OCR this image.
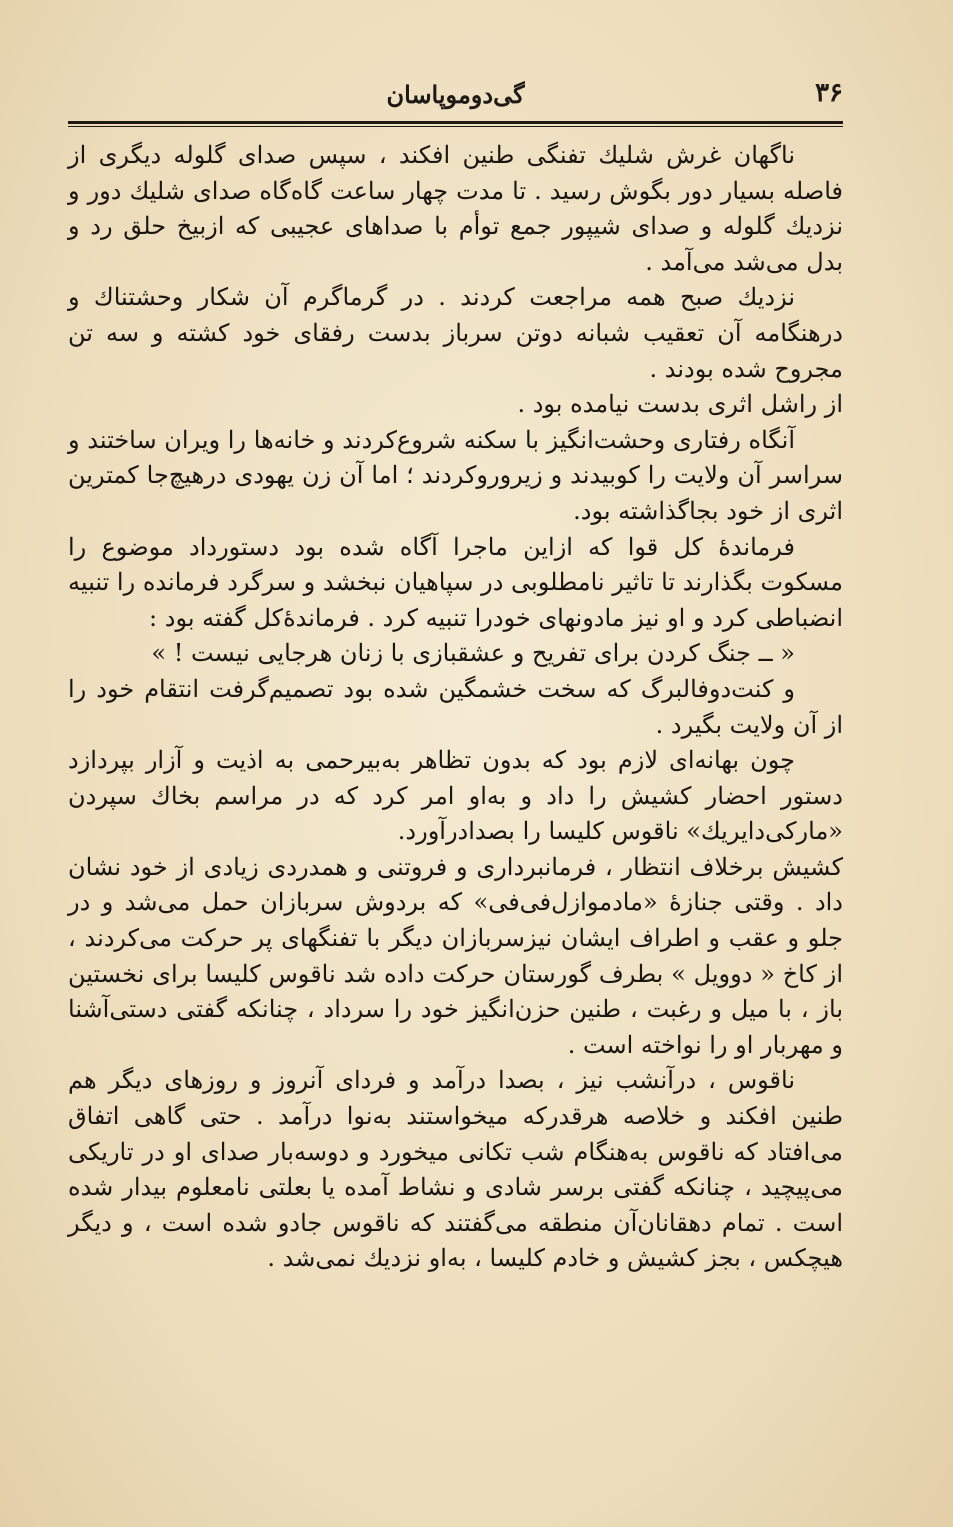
۳۶
گی‌دوموپاسان

ناگهان غرش شلیك تفنگی طنین افکند ، سپس صدای گلوله دیگری از فاصله بسیار دور بگوش رسید . تا مدت چهار ساعت گاه‌گاه صدای شلیك دور و نزدیك گلوله و صدای شیپور جمع توأم با صداهای عجیبی که ازبیخ حلق رد و بدل می‌شد می‌آمد .

نزدیك صبح همه مراجعت کردند . در گرماگرم آن شکار وحشتناك و درهنگامه آن تعقیب شبانه دوتن سرباز بدست رفقای خود کشته و سه تن مجروح شده بودند .

از راشل اثری بدست نیامده بود .

آنگاه رفتاری وحشت‌انگیز با سکنه شروع‌کردند و خانه‌ها را ویران ساختند و سراسر آن ولایت را کوبیدند و زیرورو‌کردند ؛ اما آن زن یهودی درهیچ‌جا کمترین اثری از خود بجاگذاشته بود.

فرماندهٔ کل قوا که ازاین ماجرا آگاه شده بود دستورداد موضوع را مسکوت بگذارند تا تاثیر نامطلوبی در سپاهیان نبخشد و سرگرد فرمانده را تنبیه انضباطی کرد و او نیز مادونهای خودرا تنبیه کرد . فرماندهٔ‌کل گفته بود :

« ــ جنگ کردن برای تفریح و عشقبازی با زنان هرجایی نیست ! »

و کنت‌دوفالبرگ که سخت خشمگین شده بود تصمیم‌گرفت انتقام خود را از آن ولایت بگیرد .

چون بهانه‌ای لازم بود که بدون تظاهر به‌بیرحمی به اذیت و آزار بپردازد دستور احضار کشیش را داد و به‌او امر کرد که در مراسم بخاك سپردن «مارکی‌دایریك» ناقوس کلیسا را بصدادرآورد.

کشیش برخلاف انتظار ، فرمانبرداری و فروتنی و همدردی زیادی از خود نشان داد . وقتی جنازهٔ «مادموازل‌فی‌فی» که بردوش سربازان حمل می‌شد و در جلو و عقب و اطراف ایشان نیزسربازان دیگر با تفنگهای پر حرکت می‌کردند ، از کاخ « دوویل » بطرف گورستان حرکت داده شد ناقوس کلیسا برای نخستین باز ، با میل و رغبت ، طنین حزن‌انگیز خود را سرداد ، چنانکه گفتی دستی‌آشنا و مهربار او را نواخته است .

ناقوس ، درآنشب نیز ، بصدا درآمد و فردای آنروز و روزهای دیگر هم طنین افکند و خلاصه هرقدرکه میخواستند به‌نوا درآمد . حتی گاهی اتفاق می‌افتاد که ناقوس به‌هنگام شب تکانی میخورد و دوسه‌بار صدای او در تاریکی می‌پیچید ، چنانکه گفتی برسر شادی و نشاط آمده یا بعلتی نامعلوم بیدار شده است . تمام دهقانان‌آن منطقه می‌گفتند که ناقوس جادو شده است ، و دیگر هیچکس ، بجز کشیش و خادم کلیسا ، به‌او نزدیك نمی‌شد .
